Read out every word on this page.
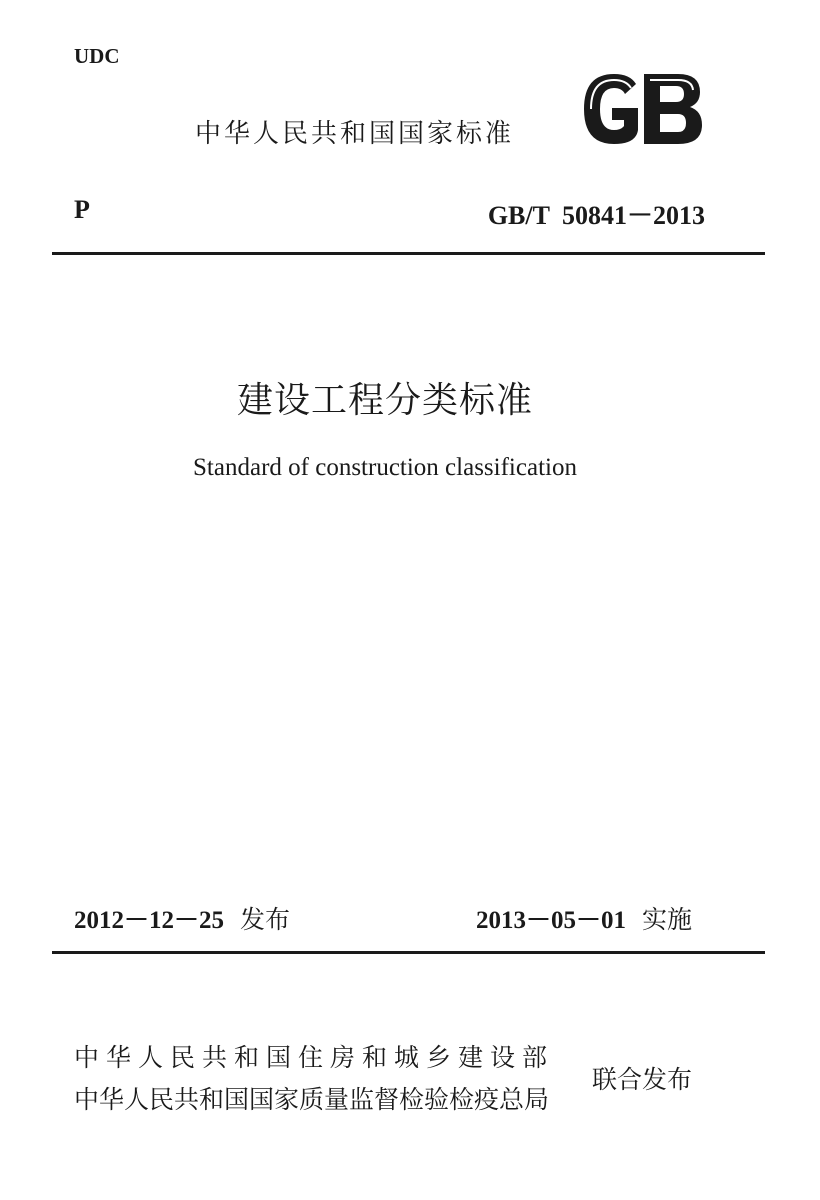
UDC
中华人民共和国国家标准
P	GB/T 50841－2013
建设工程分类标准
Standard of construction classification
2012－12－25 发布	2013－05－01 实施
中华人民共和国住房和城乡建设部
中华人民共和国国家质量监督检验检疫总局
联合发布
